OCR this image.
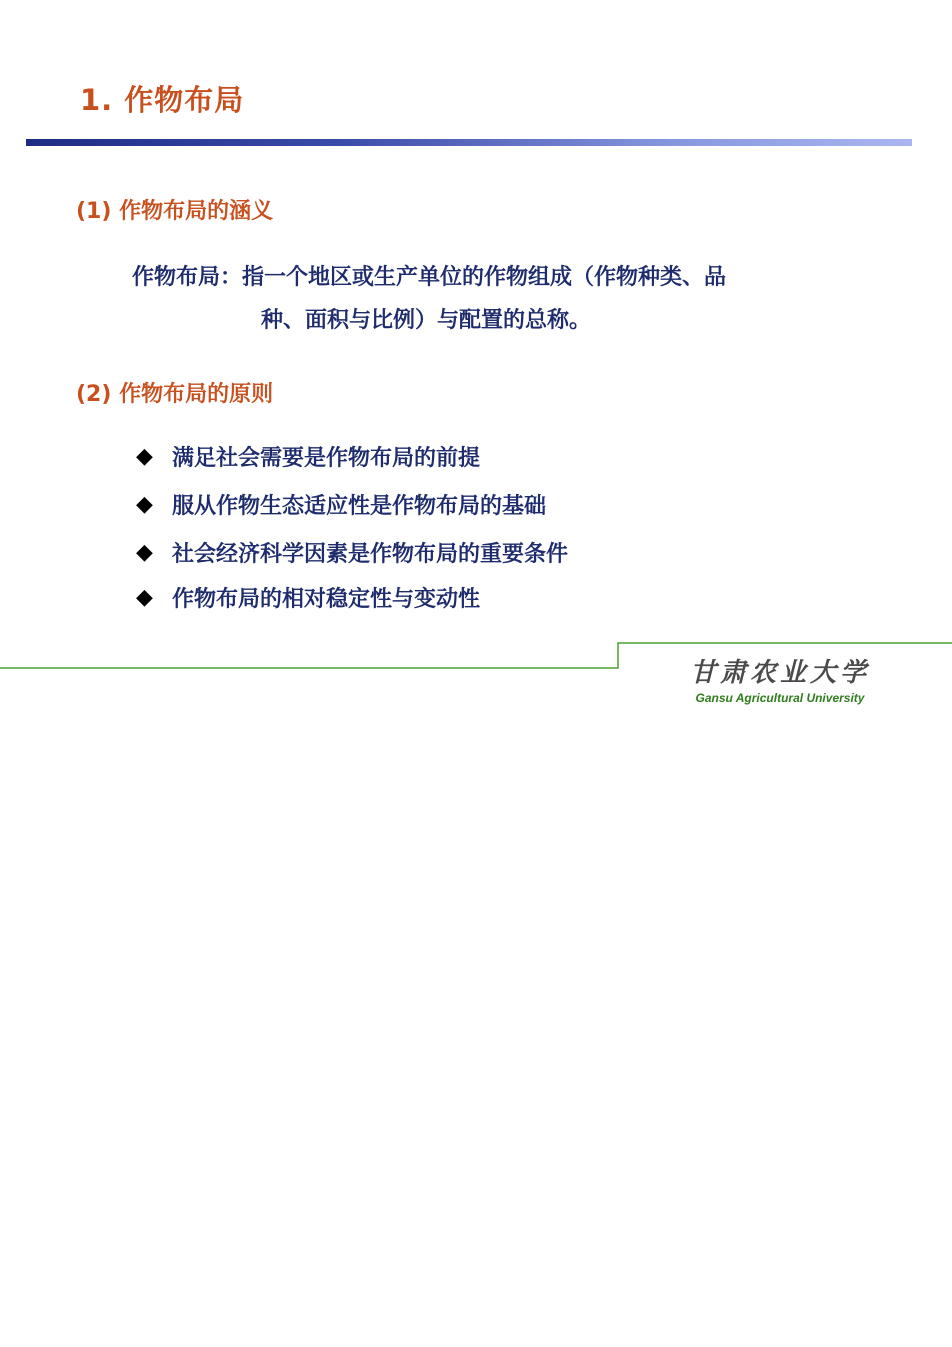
1. 作物布局
(1) 作物布局的涵义
作物布局：指一个地区或生产单位的作物组成（作物种类、品
种、面积与比例）与配置的总称。
(2) 作物布局的原则
◆ 满足社会需要是作物布局的前提
◆ 服从作物生态适应性是作物布局的基础
◆ 社会经济科学因素是作物布局的重要条件
◆ 作物布局的相对稳定性与变动性
甘肃农业大学
Gansu Agricultural University
